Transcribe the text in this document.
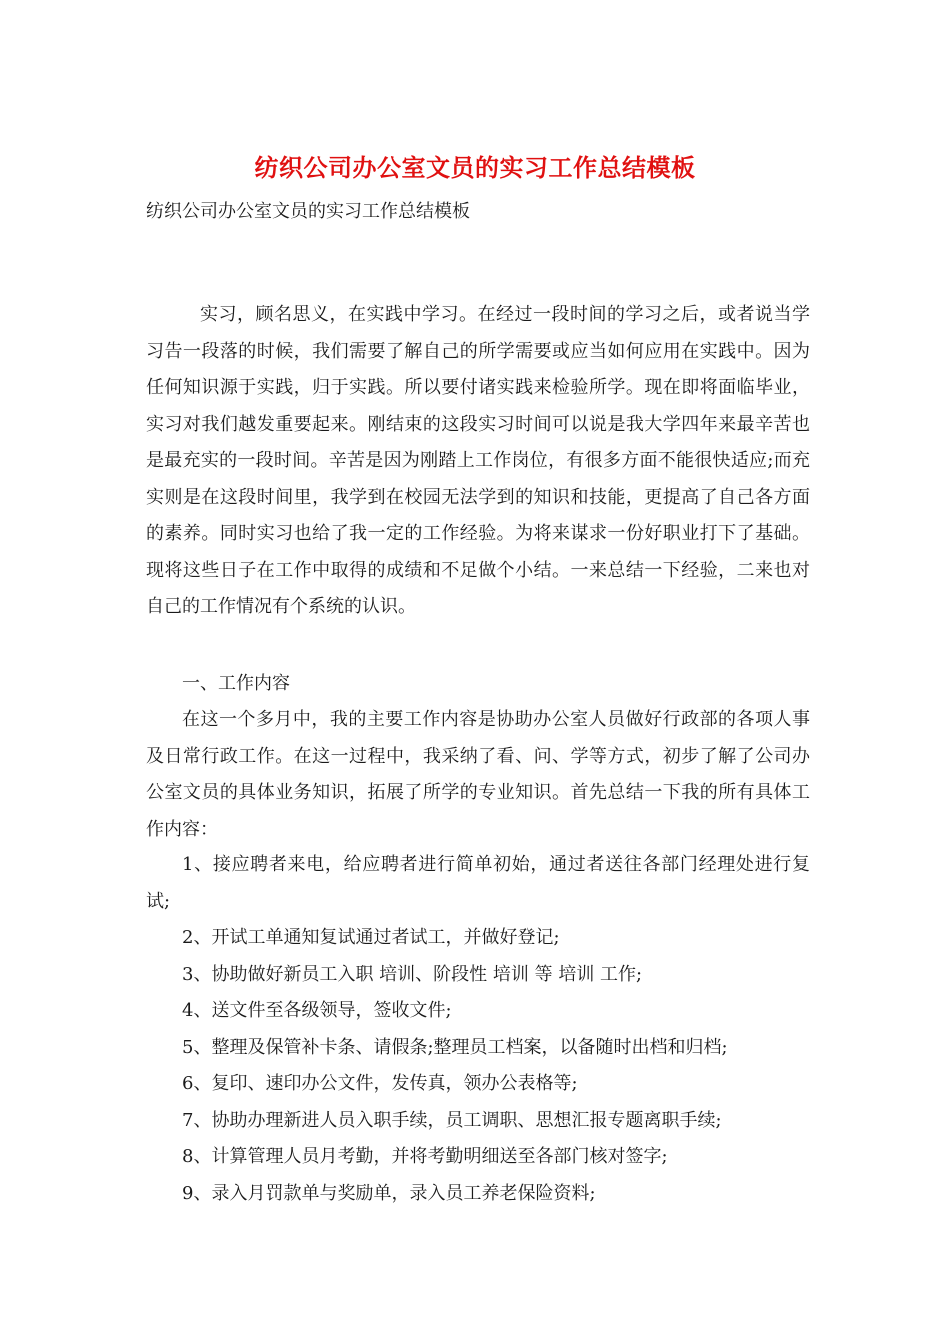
纺织公司办公室文员的实习工作总结模板
纺织公司办公室文员的实习工作总结模板

实习，顾名思义，在实践中学习。在经过一段时间的学习之后，或者说当学习告一段落的时候，我们需要了解自己的所学需要或应当如何应用在实践中。因为任何知识源于实践，归于实践。所以要付诸实践来检验所学。现在即将面临毕业，实习对我们越发重要起来。刚结束的这段实习时间可以说是我大学四年来最辛苦也是最充实的一段时间。辛苦是因为刚踏上工作岗位，有很多方面不能很快适应;而充实则是在这段时间里，我学到在校园无法学到的知识和技能，更提高了自己各方面的素养。同时实习也给了我一定的工作经验。为将来谋求一份好职业打下了基础。现将这些日子在工作中取得的成绩和不足做个小结。一来总结一下经验，二来也对自己的工作情况有个系统的认识。

一、工作内容

在这一个多月中，我的主要工作内容是协助办公室人员做好行政部的各项人事及日常行政工作。在这一过程中，我采纳了看、问、学等方式，初步了解了公司办公室文员的具体业务知识，拓展了所学的专业知识。首先总结一下我的所有具体工作内容：

1、接应聘者来电，给应聘者进行简单初始，通过者送往各部门经理处进行复试;
2、开试工单通知复试通过者试工，并做好登记;
3、协助做好新员工入职 培训、阶段性 培训 等 培训 工作;
4、送文件至各级领导，签收文件;
5、整理及保管补卡条、请假条;整理员工档案，以备随时出档和归档;
6、复印、速印办公文件，发传真，领办公表格等;
7、协助办理新进人员入职手续，员工调职、思想汇报专题离职手续;
8、计算管理人员月考勤，并将考勤明细送至各部门核对签字;
9、录入月罚款单与奖励单，录入员工养老保险资料;
